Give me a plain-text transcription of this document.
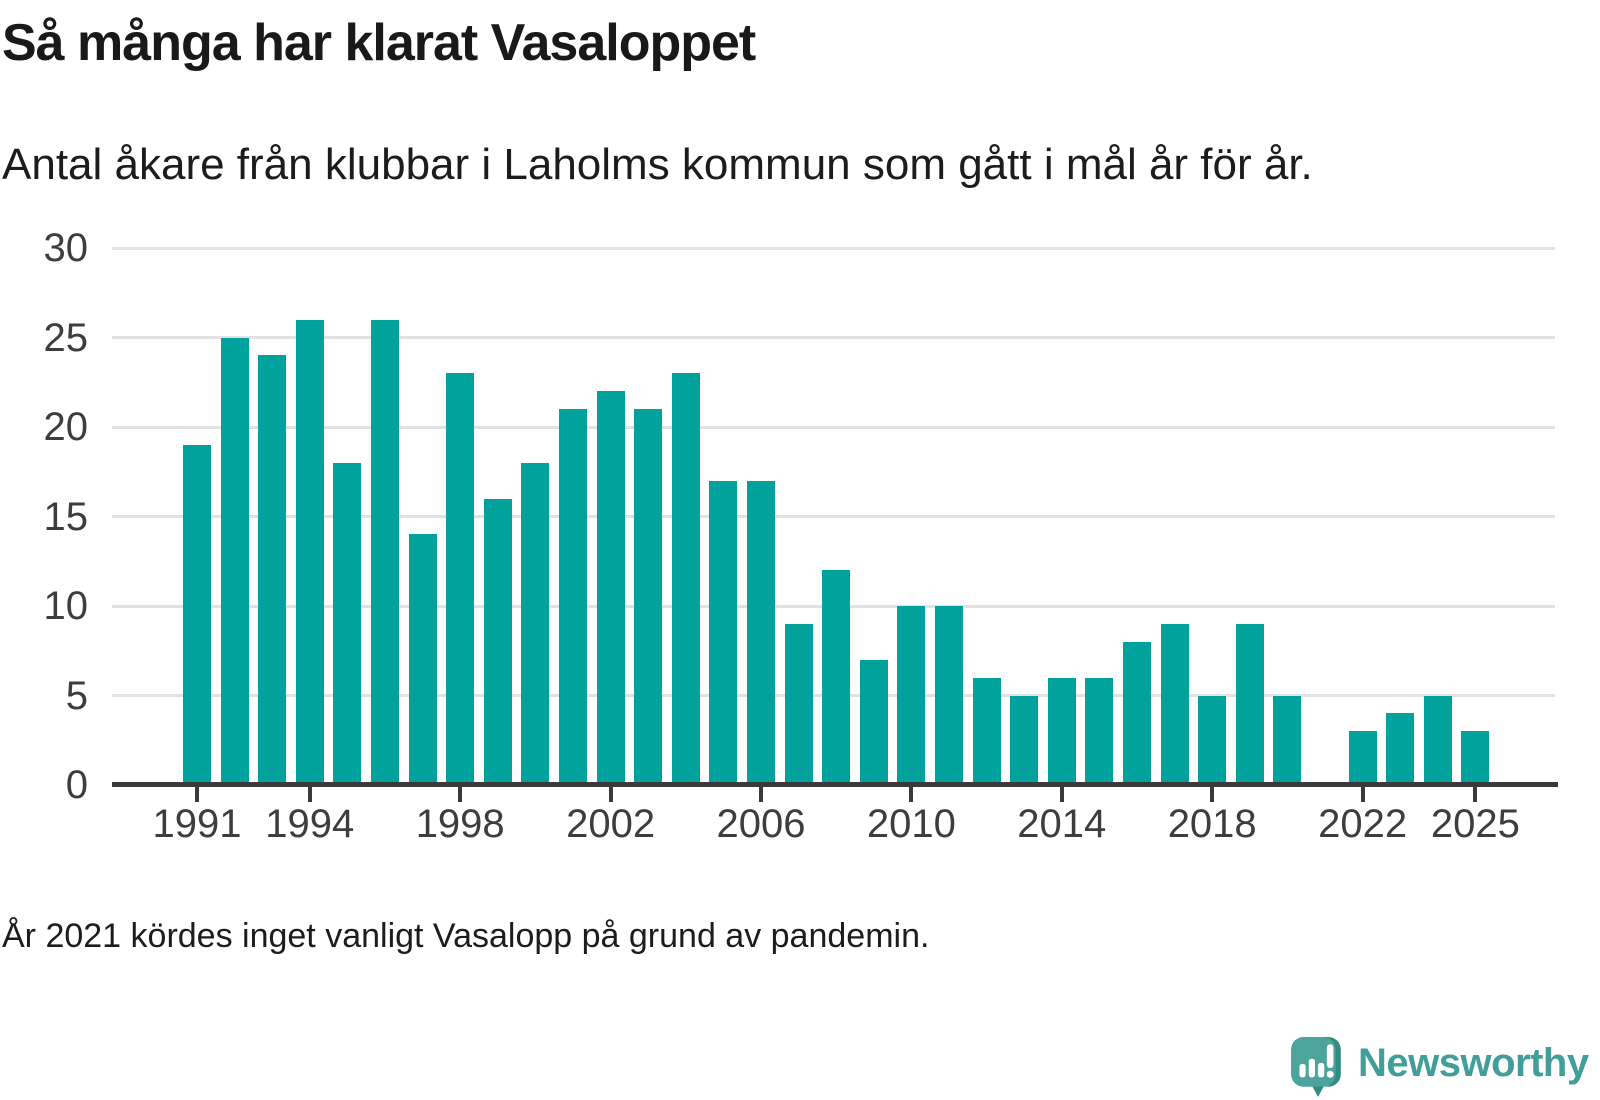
Så många har klarat Vasaloppet

Antal åkare från klubbar i Laholms kommun som gått i mål år för år.

0
5
10
15
20
25
30
1991 1994	1998	2002	2006	2010	2014	2018	2022 2025

År 2021 kördes inget vanligt Vasalopp på grund av pandemin.

Newsworthy
